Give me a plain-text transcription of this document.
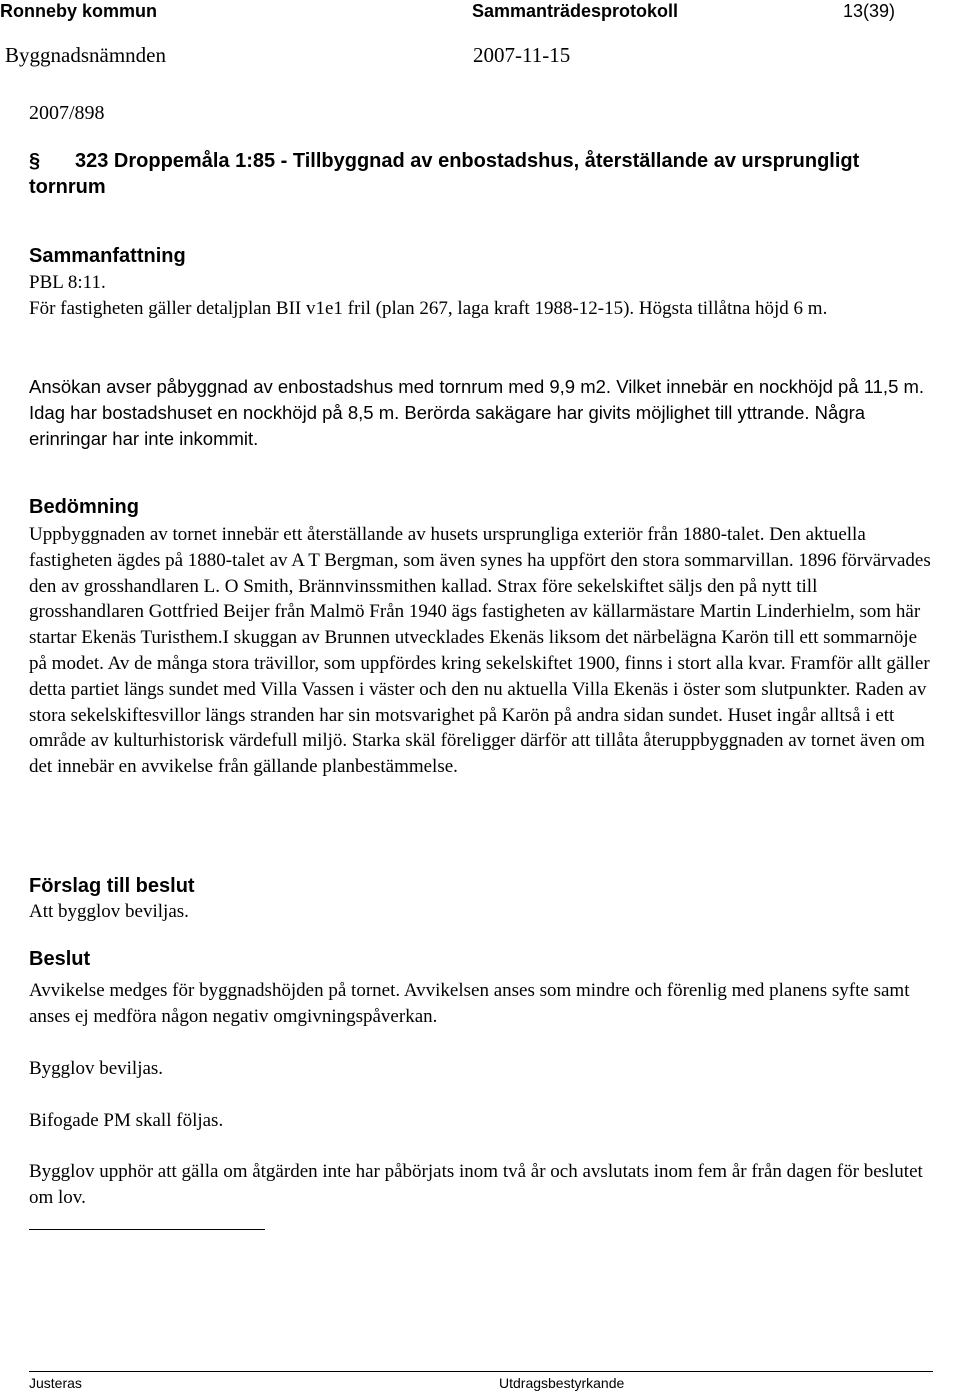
Ronneby kommun	Sammanträdesprotokoll	13(39)
Byggnadsnämnden	2007-11-15
2007/898
§ 323 Droppemåla 1:85 - Tillbyggnad av enbostadshus, återställande av ursprungligt tornrum
Sammanfattning

PBL 8:11.

För fastigheten gäller detaljplan BII v1e1 fril (plan 267, laga kraft 1988-12-15). Högsta tillåtna höjd 6 m.

Ansökan avser påbyggnad av enbostadshus med tornrum med 9,9 m2. Vilket innebär en nockhöjd på 11,5 m. Idag har bostadshuset en nockhöjd på 8,5 m. Berörda sakägare har givits möjlighet till yttrande. Några erinringar har inte inkommit.

Bedömning

Uppbyggnaden av tornet innebär ett återställande av husets ursprungliga exteriör från 1880-talet. Den aktuella fastigheten ägdes på 1880-talet av A T Bergman, som även synes ha uppfört den stora sommarvillan. 1896 förvärvades den av grosshandlaren L. O Smith, Brännvinssmithen kallad. Strax före sekelskiftet säljs den på nytt till grosshandlaren Gottfried Beijer från Malmö Från 1940 ägs fastigheten av källarmästare Martin Linderhielm, som här startar Ekenäs Turisthem.I skuggan av Brunnen utvecklades Ekenäs liksom det närbelägna Karön till ett sommarnöje på modet. Av de många stora trävillor, som uppfördes kring sekelskiftet 1900, finns i stort alla kvar. Framför allt gäller detta partiet längs sundet med Villa Vassen i väster och den nu aktuella Villa Ekenäs i öster som slutpunkter. Raden av stora sekelskiftesvillor längs stranden har sin motsvarighet på Karön på andra sidan sundet. Huset ingår alltså i ett område av kulturhistorisk värdefull miljö. Starka skäl föreligger därför att tillåta återuppbyggnaden av tornet även om det innebär en avvikelse från gällande planbestämmelse.

Förslag till beslut

Att bygglov beviljas.

Beslut

Avvikelse medges för byggnadshöjden på tornet. Avvikelsen anses som mindre och förenlig med planens syfte samt anses ej medföra någon negativ omgivningspåverkan.

Bygglov beviljas.

Bifogade PM skall följas.

Bygglov upphör att gälla om åtgärden inte har påbörjats inom två år och avslutats inom fem år från dagen för beslutet om lov.

Justeras	Utdragsbestyrkande
